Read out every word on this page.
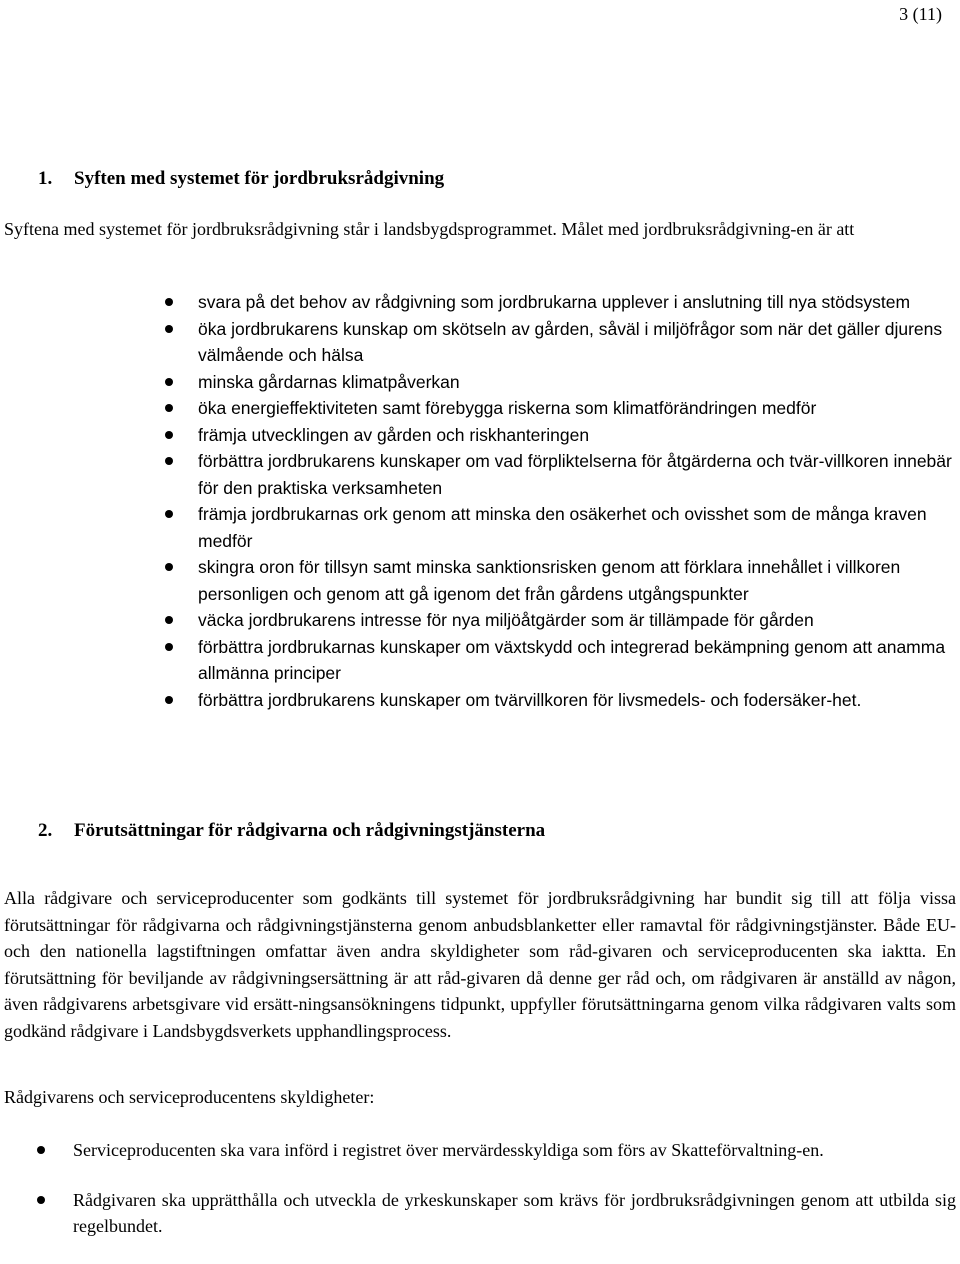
3 (11)
1. Syften med systemet för jordbruksrådgivning

Syftena med systemet för jordbruksrådgivning står i landsbygdsprogrammet. Målet med jordbruksrådgivning-en är att

svara på det behov av rådgivning som jordbrukarna upplever i anslutning till nya stödsystem
öka jordbrukarens kunskap om skötseln av gården, såväl i miljöfrågor som när det gäller djurens välmående och hälsa
minska gårdarnas klimatpåverkan
öka energieffektiviteten samt förebygga riskerna som klimatförändringen medför
främja utvecklingen av gården och riskhanteringen
förbättra jordbrukarens kunskaper om vad förpliktelserna för åtgärderna och tvär-villkoren innebär för den praktiska verksamheten
främja jordbrukarnas ork genom att minska den osäkerhet och ovisshet som de många kraven medför
skingra oron för tillsyn samt minska sanktionsrisken genom att förklara innehållet i villkoren personligen och genom att gå igenom det från gårdens utgångspunkter
väcka jordbrukarens intresse för nya miljöåtgärder som är tillämpade för gården
förbättra jordbrukarnas kunskaper om växtskydd och integrerad bekämpning genom att anamma allmänna principer
förbättra jordbrukarens kunskaper om tvärvillkoren för livsmedels- och fodersäker-het.
2. Förutsättningar för rådgivarna och rådgivningstjänsterna

Alla rådgivare och serviceproducenter som godkänts till systemet för jordbruksrådgivning har bundit sig till att följa vissa förutsättningar för rådgivarna och rådgivningstjänsterna genom anbudsblanketter eller ramavtal för rådgivningstjänster. Både EU- och den nationella lagstiftningen omfattar även andra skyldigheter som råd-givaren och serviceproducenten ska iaktta. En förutsättning för beviljande av rådgivningsersättning är att råd-givaren då denne ger råd och, om rådgivaren är anställd av någon, även rådgivarens arbetsgivare vid ersätt-ningsansökningens tidpunkt, uppfyller förutsättningarna genom vilka rådgivaren valts som godkänd rådgivare i Landsbygdsverkets upphandlingsprocess.

Rådgivarens och serviceproducentens skyldigheter:

Serviceproducenten ska vara införd i registret över mervärdesskyldiga som förs av Skatteförvaltning-en.
Rådgivaren ska upprätthålla och utveckla de yrkeskunskaper som krävs för jordbruksrådgivningen genom att utbilda sig regelbundet.
